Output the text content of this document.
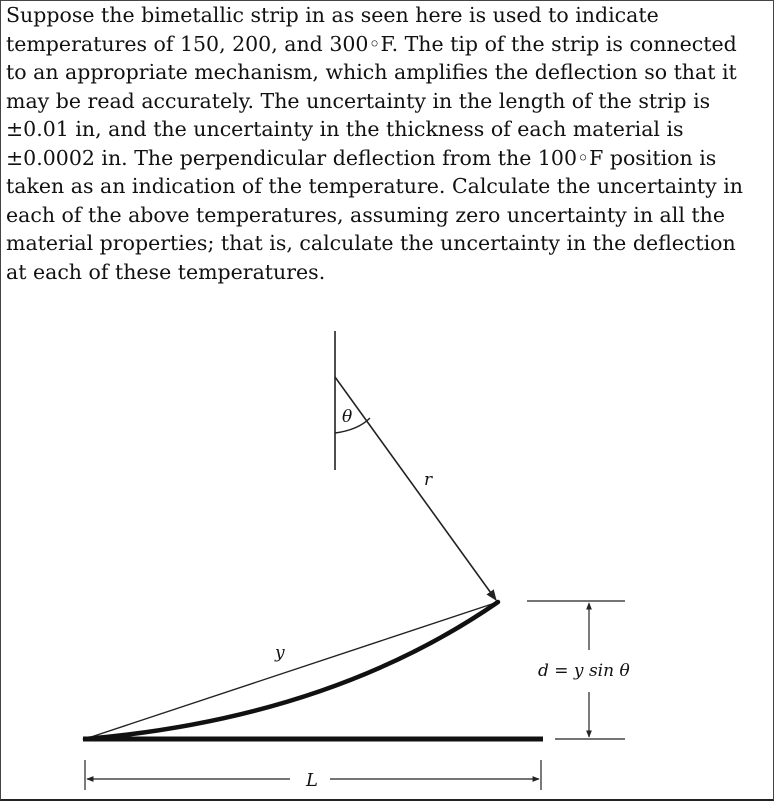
Suppose the bimetallic strip in as seen here is used to indicate
temperatures of 150, 200, and 300◦F. The tip of the strip is connected
to an appropriate mechanism, which amplifies the deflection so that it
may be read accurately. The uncertainty in the length of the strip is
±0.01 in, and the uncertainty in the thickness of each material is
±0.0002 in. The perpendicular deflection from the 100◦F position is
taken as an indication of the temperature. Calculate the uncertainty in
each of the above temperatures, assuming zero uncertainty in all the
material properties; that is, calculate the uncertainty in the deflection
at each of these temperatures.
θ
r
y
L
d = y sin θ
